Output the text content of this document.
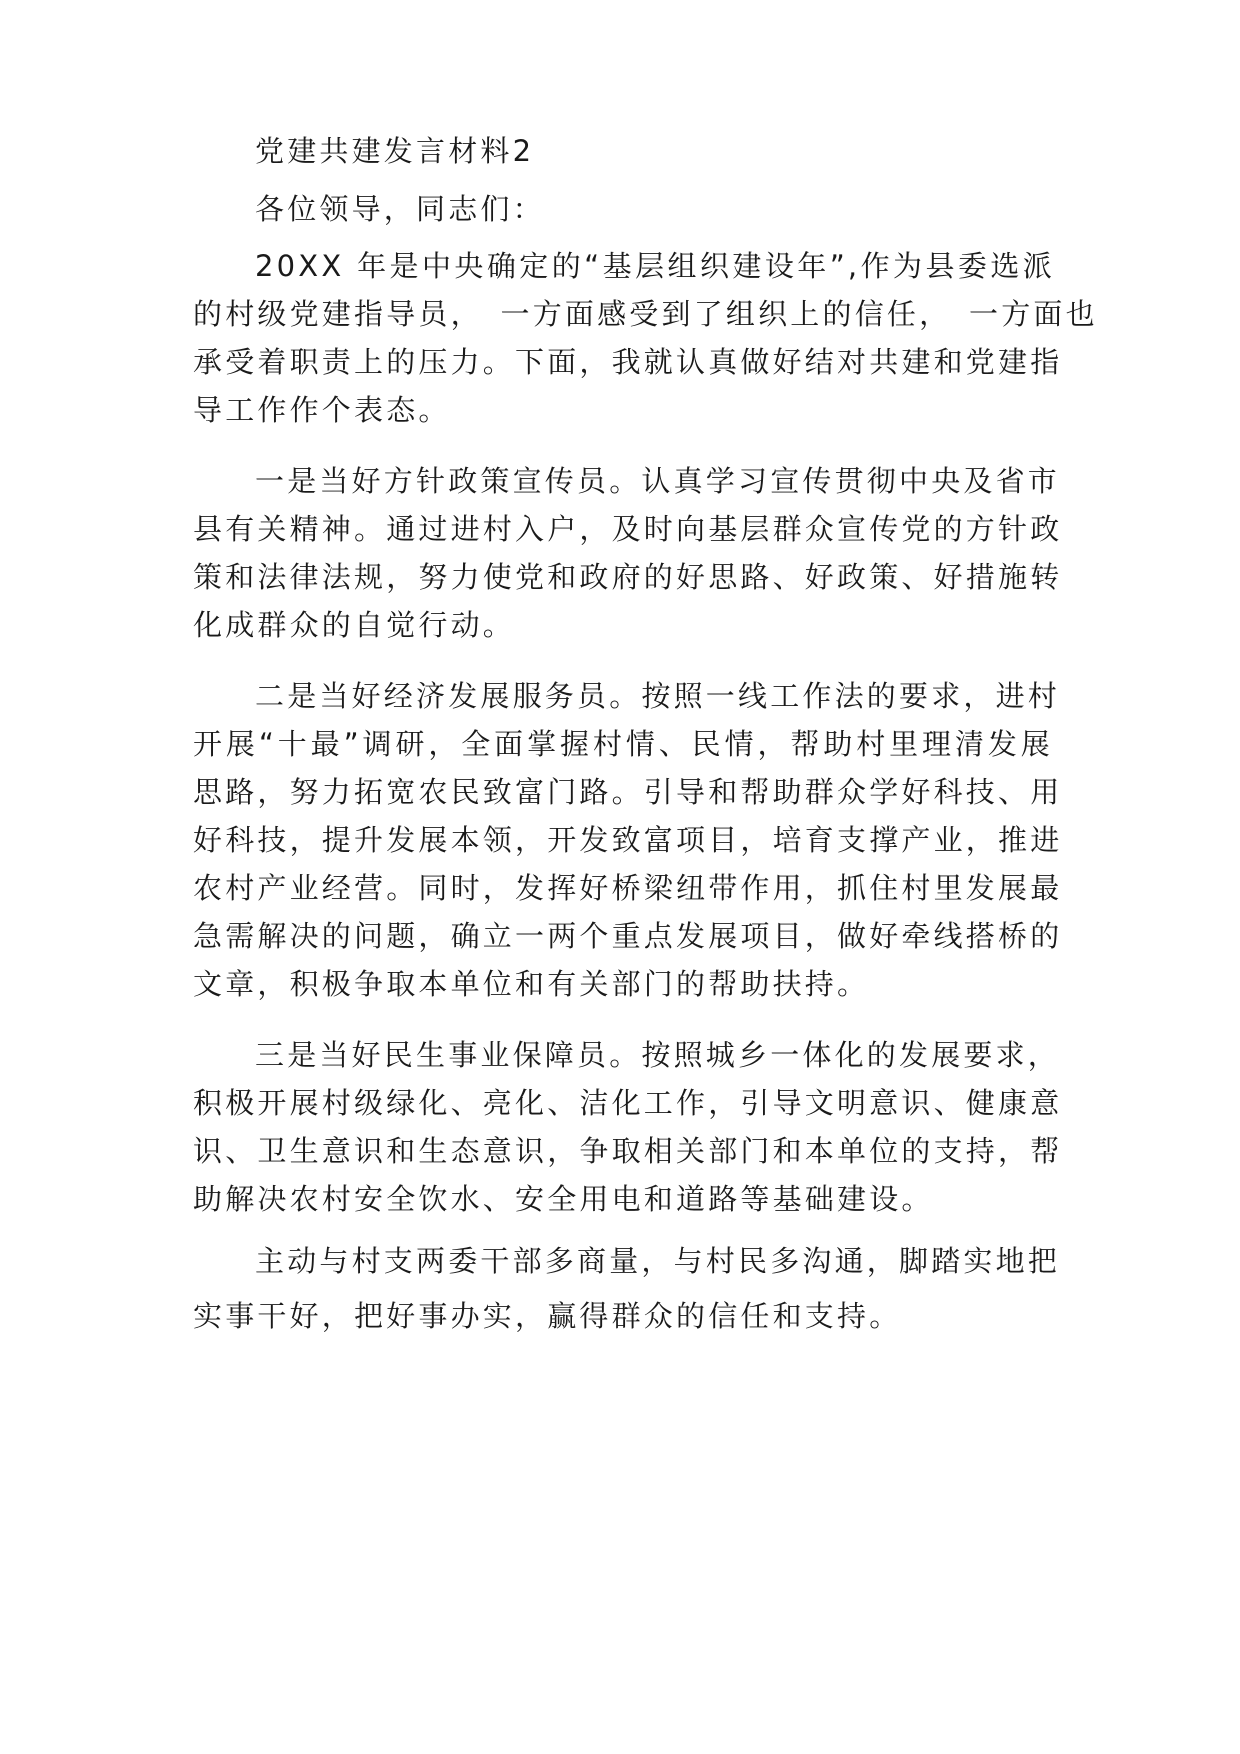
党建共建发言材料2

各位领导，同志们：

20XX 年是中央确定的“基层组织建设年”,作为县委选派

的村级党建指导员，　一方面感受到了组织上的信任，　一方面也

承受着职责上的压力。下面，我就认真做好结对共建和党建指

导工作作个表态。

一是当好方针政策宣传员。认真学习宣传贯彻中央及省市

县有关精神。通过进村入户，及时向基层群众宣传党的方针政

策和法律法规，努力使党和政府的好思路、好政策、好措施转

化成群众的自觉行动。

二是当好经济发展服务员。按照一线工作法的要求，进村

开展“十最”调研，全面掌握村情、民情，帮助村里理清发展

思路，努力拓宽农民致富门路。引导和帮助群众学好科技、用

好科技，提升发展本领，开发致富项目，培育支撑产业，推进

农村产业经营。同时，发挥好桥梁纽带作用，抓住村里发展最

急需解决的问题，确立一两个重点发展项目，做好牵线搭桥的

文章，积极争取本单位和有关部门的帮助扶持。

三是当好民生事业保障员。按照城乡一体化的发展要求，

积极开展村级绿化、亮化、洁化工作，引导文明意识、健康意

识、卫生意识和生态意识，争取相关部门和本单位的支持，帮

助解决农村安全饮水、安全用电和道路等基础建设。

主动与村支两委干部多商量，与村民多沟通，脚踏实地把

实事干好，把好事办实，赢得群众的信任和支持。
